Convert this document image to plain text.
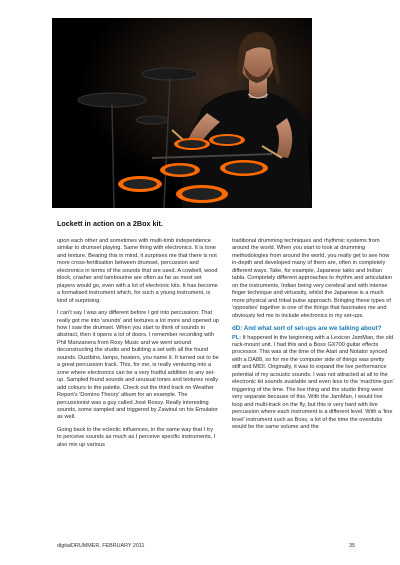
Lockett in action on a 2Box kit.

upon each other and sometimes with multi-timb independence similar to drumset playing. Same thing with electronics. It is tone and texture. Bearing this in mind, it surprises me that there is not more cross-fertilisation between drumset, percussion and electronics in terms of the sounds that are used. A cowbell, wood block, crasher and tambourine are often as far as most set players would go, even with a lot of electronic kits. It has become a formalised instrument which, for such a young instrument, is kind of surprising.

I can't say I was any different before I got into percussion: That really got me into 'sounds' and textures a lot more and opened up how I saw the drumset. When you start to think of sounds in abstract, then it opens a lot of doors. I remember recording with Phil Manzanera from Roxy Music and we went around deconstructing the studio and building a set with all the found sounds. Dustbins, lamps, heaters, you name it. It turned out to be a great percussion track. This, for me, is really venturing into a zone where electronics can be a very fruitful addition to any set-up. Sampled found sounds and unusual tones and textures really add colours to the palette. Check out the third track on Weather Report's 'Domino Theory' album for an example. The percussionist was a guy called José Rossy. Really interesting sounds, some sampled and triggered by Zawinul on his Emulator as well.

Going back to the eclectic influences, in the same way that I try to perceive sounds as much as I perceive specific instruments, I also mix up various

traditional drumming techniques and rhythmic systems from around the world. When you start to look at drumming methodologies from around the world, you really get to see how in-depth and developed many of them are, often in completely different ways. Take, for example, Japanese taiko and Indian tabla. Completely different approaches to rhythm and articulation on the instruments, Indian being very cerebral and with intense finger technique and virtuosity, whilst the Japanese is a much more physical and tribal pulse approach. Bringing these types of 'opposites' together is one of the things that fascinates me and obviously led me to include electronics in my set-ups.

dD: And what sort of set-ups are we talking about?

PL: It happened in the beginning with a Lexicon JamMan, the old rack-mount unit. I had this and a Boss GX700 guitar effects processor. This was at the time of the Atari and Notator synced with a DA88, so for me the computer side of things was pretty stiff and MIDI. Originally, it was to expand the live performance potential of my acoustic sounds. I was not attracted at all to the electronic kit sounds available and even less to the 'machine gun' triggering of the time. The live thing and the studio thing were very separate because of this. With the JamMan, I would live loop and multi-track on the fly, but this is very hard with live percussion where each instrument is a different level. With a 'line level' instrument such as Boss, a lot of the time the overdubs would be the same volume and the

digitalDRUMMER, FEBRUARY 2011	35
